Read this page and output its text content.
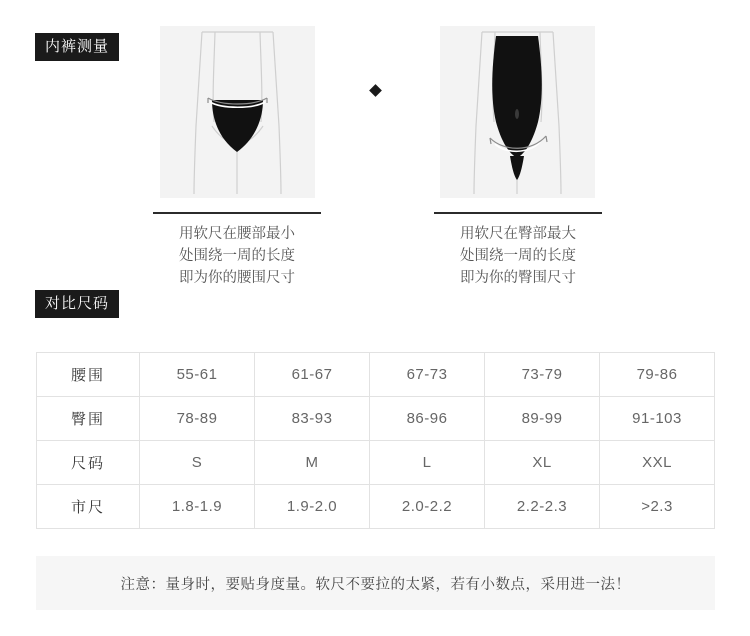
内裤测量
对比尺码
用软尺在腰部最小
处围绕一周的长度
即为你的腰围尺寸
用软尺在臀部最大
处围绕一周的长度
即为你的臀围尺寸
腰围	55-61	61-67	67-73	73-79	79-86
臀围	78-89	83-93	86-96	89-99	91-103
尺码	S	M	L	XL	XXL
市尺	1.8-1.9	1.9-2.0	2.0-2.2	2.2-2.3	>2.3
注意：量身时，要贴身度量。软尺不要拉的太紧，若有小数点，采用进一法！
